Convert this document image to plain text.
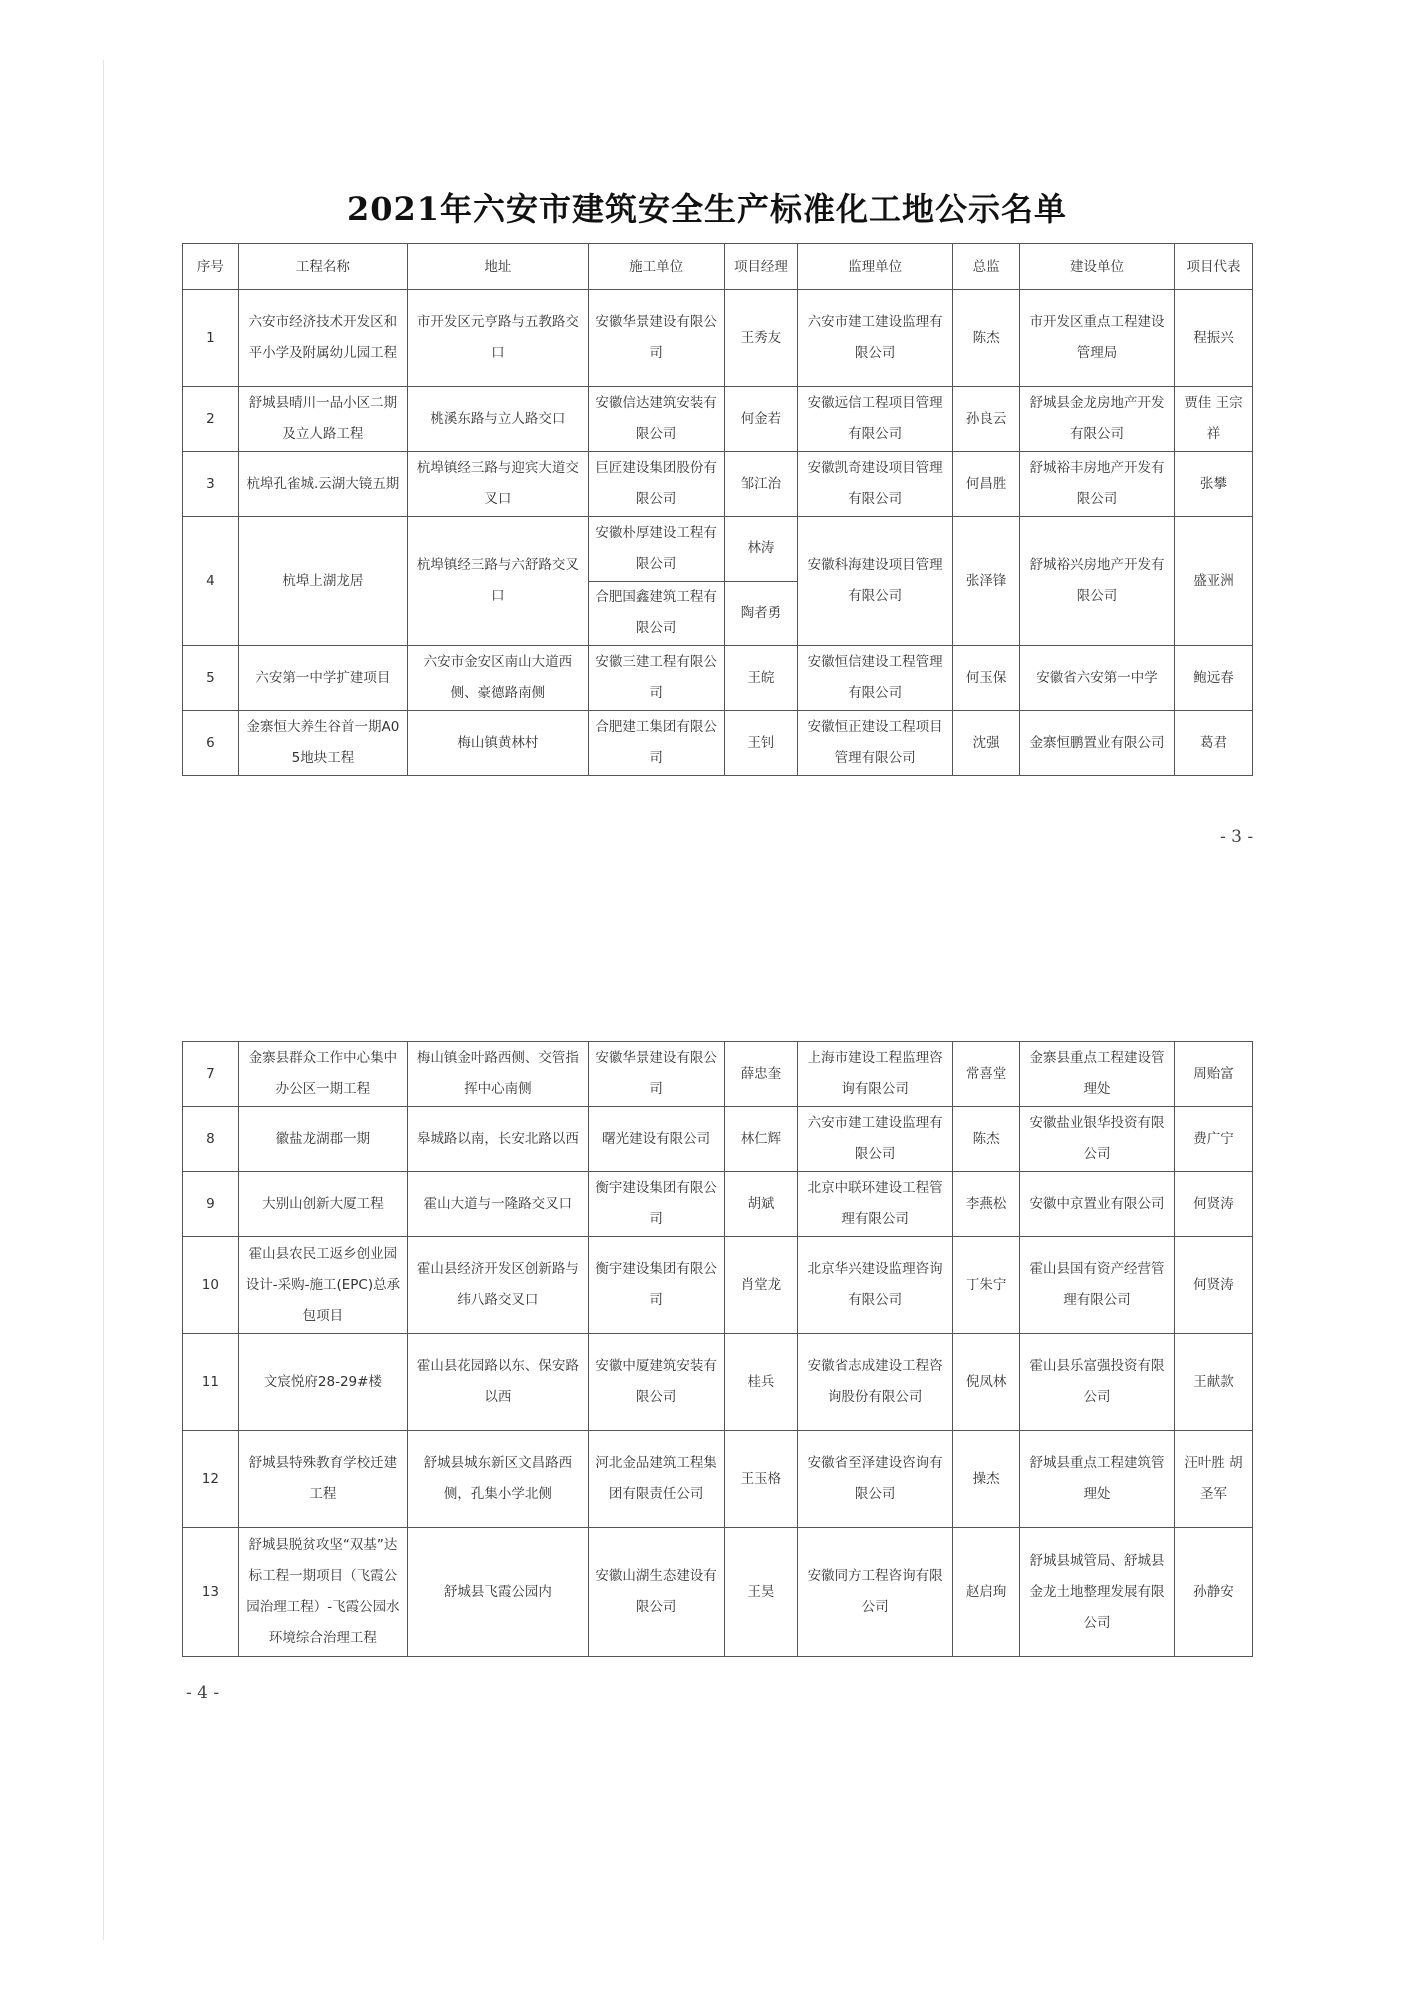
2021年六安市建筑安全生产标准化工地公示名单
序号	工程名称	地址	施工单位	项目经理	监理单位	总监	建设单位	项目代表
1	六安市经济技术开发区和平小学及附属幼儿园工程	市开发区元亨路与五教路交口	安徽华景建设有限公司	王秀友	六安市建工建设监理有限公司	陈杰	市开发区重点工程建设管理局	程振兴
2	舒城县晴川一品小区二期及立人路工程	桃溪东路与立人路交口	安徽信达建筑安装有限公司	何金若	安徽远信工程项目管理有限公司	孙良云	舒城县金龙房地产开发有限公司	贾佳 王宗祥
3	杭埠孔雀城.云湖大镜五期	杭埠镇经三路与迎宾大道交叉口	巨匠建设集团股份有限公司	邹江治	安徽凯奇建设项目管理有限公司	何昌胜	舒城裕丰房地产开发有限公司	张攀
4	杭埠上湖龙居	杭埠镇经三路与六舒路交叉口	安徽朴厚建设工程有限公司	林涛	安徽科海建设项目管理有限公司	张泽锋	舒城裕兴房地产开发有限公司	盛亚洲
			合肥国鑫建筑工程有限公司	陶者勇				
5	六安第一中学扩建项目	六安市金安区南山大道西侧、豪德路南侧	安徽三建工程有限公司	王皖	安徽恒信建设工程管理有限公司	何玉保	安徽省六安第一中学	鲍远春
6	金寨恒大养生谷首一期A05地块工程	梅山镇黄林村	合肥建工集团有限公司	王钊	安徽恒正建设工程项目管理有限公司	沈强	金寨恒鹏置业有限公司	葛君
- 3 -
7	金寨县群众工作中心集中办公区一期工程	梅山镇金叶路西侧、交管指挥中心南侧	安徽华景建设有限公司	薛忠奎	上海市建设工程监理咨询有限公司	常喜堂	金寨县重点工程建设管理处	周贻富
8	徽盐龙湖郡一期	皋城路以南，长安北路以西	曙光建设有限公司	林仁辉	六安市建工建设监理有限公司	陈杰	安徽盐业银华投资有限公司	费广宁
9	大别山创新大厦工程	霍山大道与一隆路交叉口	衡宇建设集团有限公司	胡斌	北京中联环建设工程管理有限公司	李燕松	安徽中京置业有限公司	何贤涛
10	霍山县农民工返乡创业园设计-采购-施工(EPC)总承包项目	霍山县经济开发区创新路与纬八路交叉口	衡宇建设集团有限公司	肖堂龙	北京华兴建设监理咨询有限公司	丁朱宁	霍山县国有资产经营管理有限公司	何贤涛
11	文宸悦府28-29#楼	霍山县花园路以东、保安路以西	安徽中厦建筑安装有限公司	桂兵	安徽省志成建设工程咨询股份有限公司	倪凤林	霍山县乐富强投资有限公司	王献款
12	舒城县特殊教育学校迁建工程	舒城县城东新区文昌路西侧，孔集小学北侧	河北金品建筑工程集团有限责任公司	王玉格	安徽省至泽建设咨询有限公司	操杰	舒城县重点工程建筑管理处	汪叶胜 胡圣军
13	舒城县脱贫攻坚“双基”达标工程一期项目（飞霞公园治理工程）-飞霞公园水环境综合治理工程	舒城县飞霞公园内	安徽山湖生态建设有限公司	王昊	安徽同方工程咨询有限公司	赵启珣	舒城县城管局、舒城县金龙土地整理发展有限公司	孙静安
- 4 -
